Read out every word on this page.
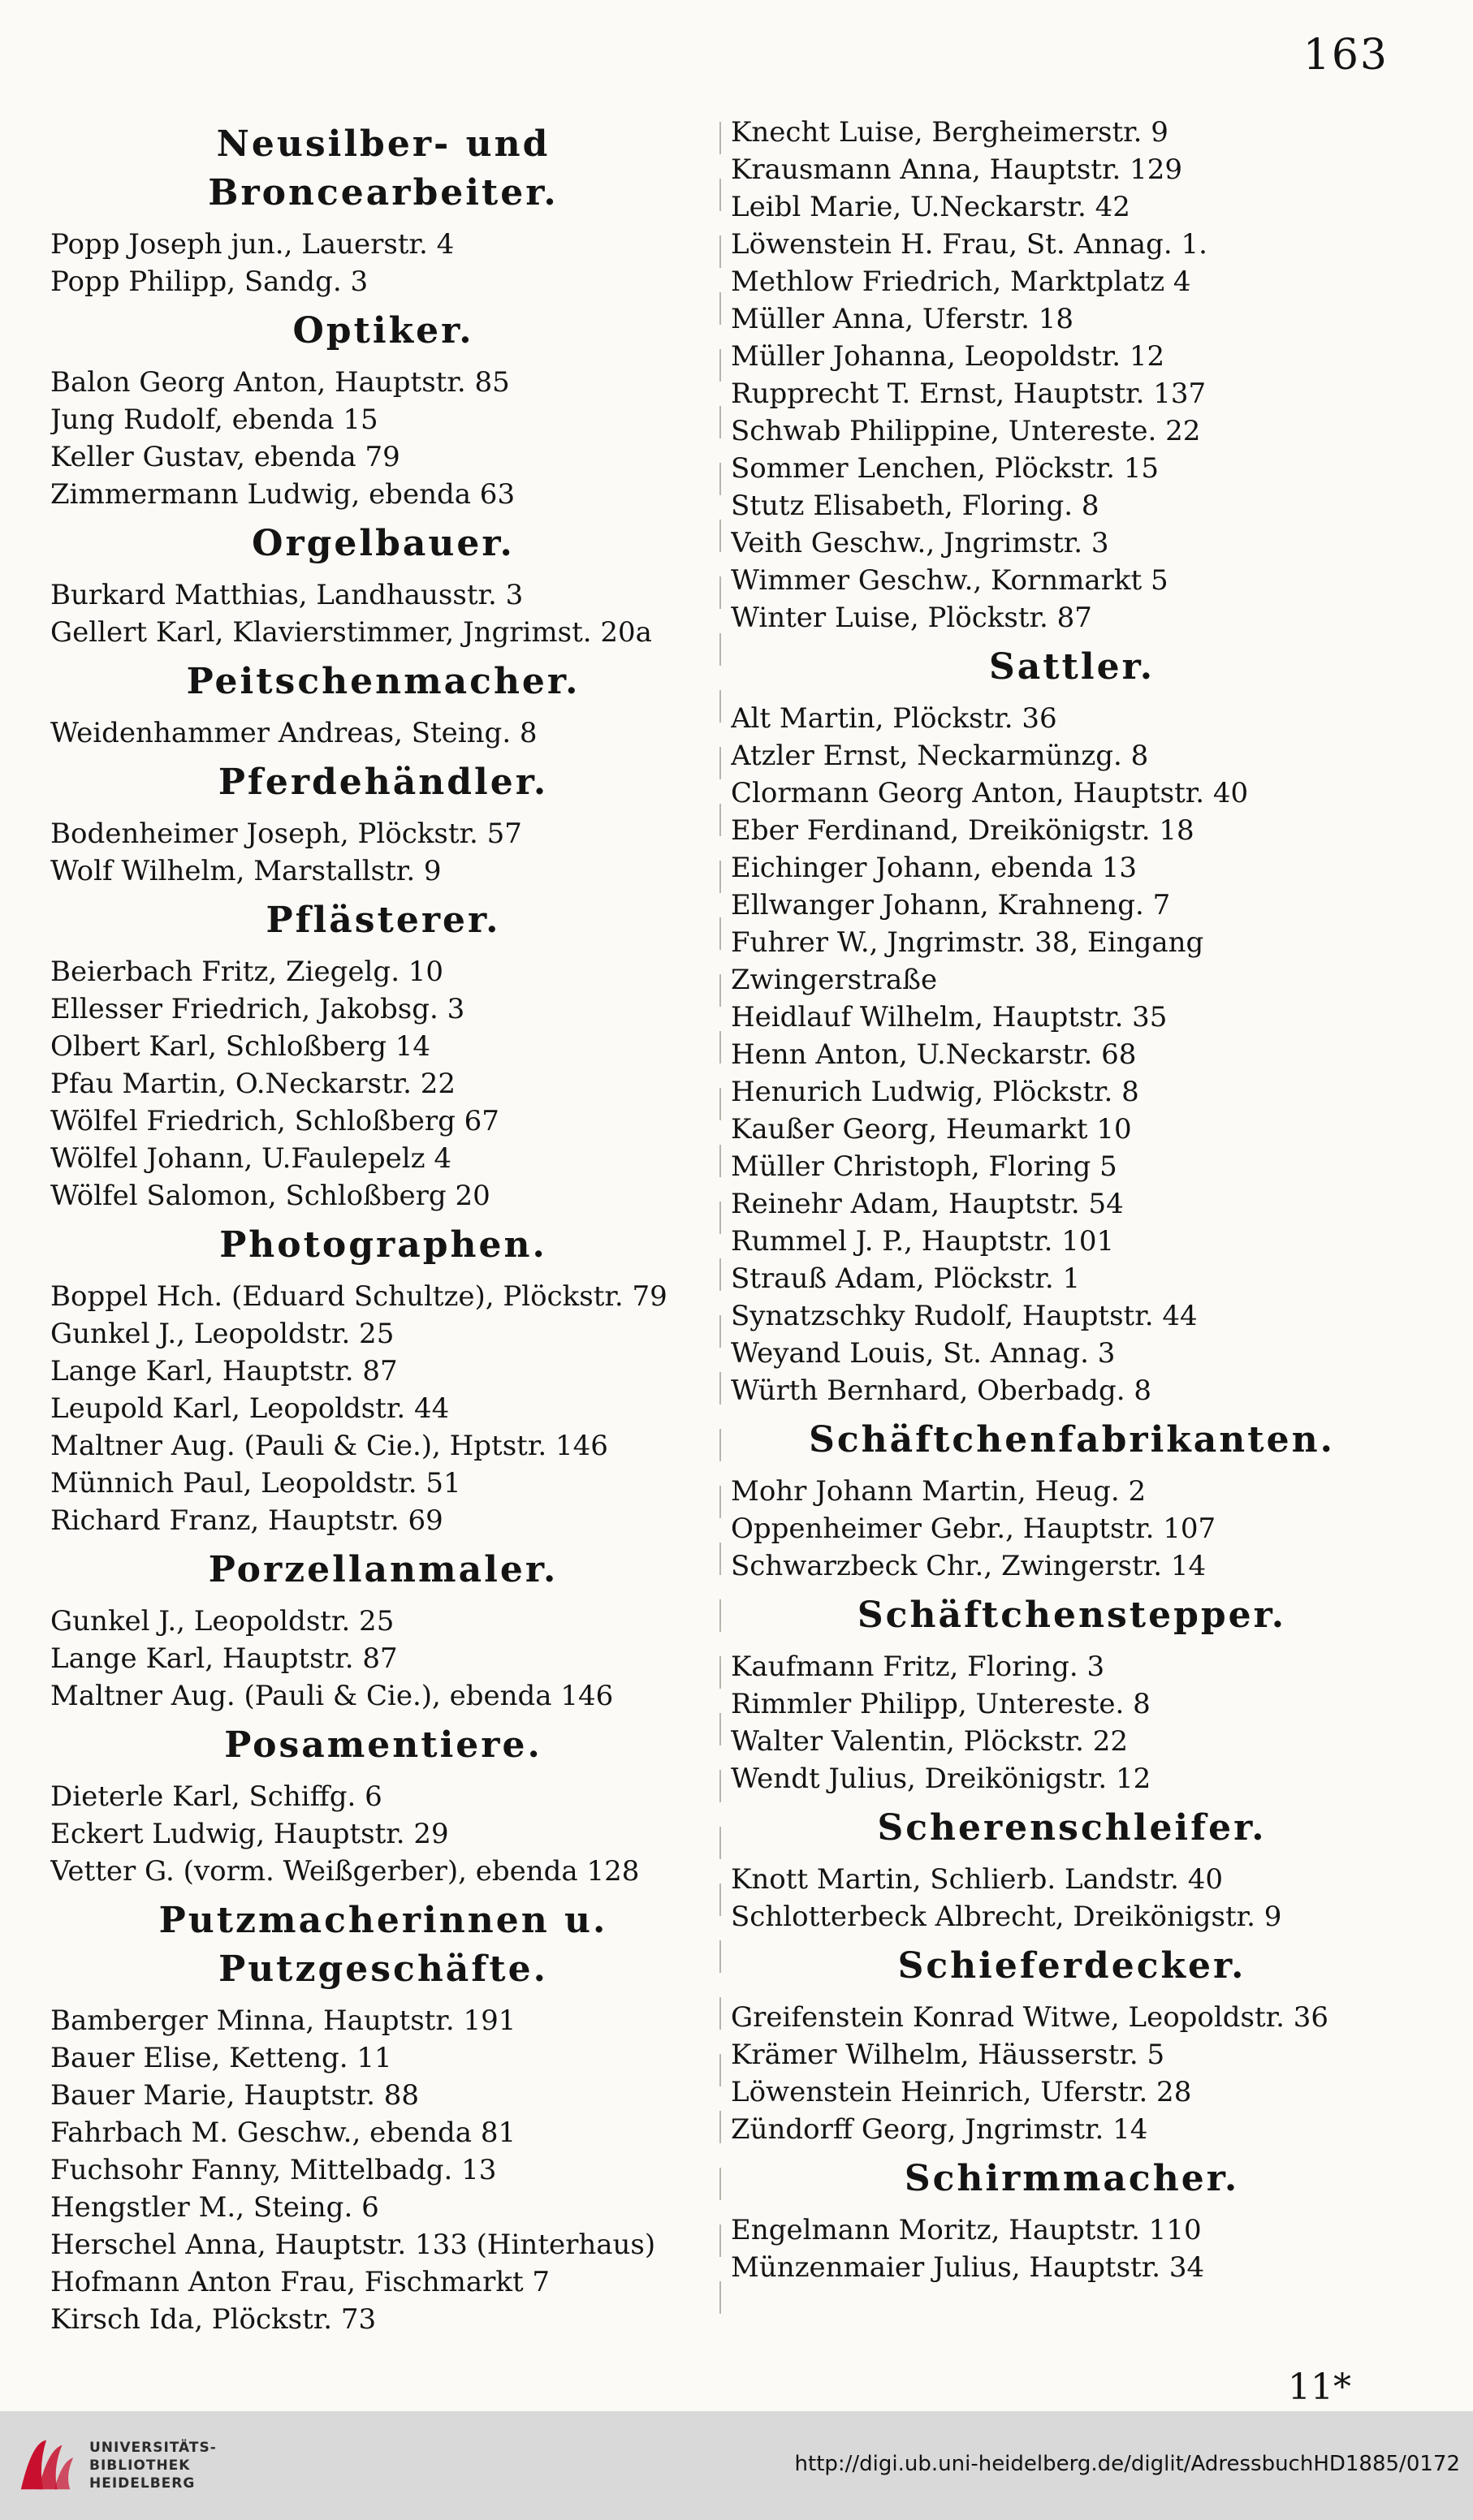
163
Neusilber- und Broncearbeiter.
Popp Joseph jun., Lauerstr. 4
Popp Philipp, Sandg. 3
Optiker.
Balon Georg Anton, Hauptstr. 85
Jung Rudolf, ebenda 15
Keller Gustav, ebenda 79
Zimmermann Ludwig, ebenda 63
Orgelbauer.
Burkard Matthias, Landhausstr. 3
Gellert Karl, Klavierstimmer, Jngrimst. 20a
Peitschenmacher.
Weidenhammer Andreas, Steing. 8
Pferdehändler.
Bodenheimer Joseph, Plöckstr. 57
Wolf Wilhelm, Marstallstr. 9
Pflästerer.
Beierbach Fritz, Ziegelg. 10
Ellesser Friedrich, Jakobsg. 3
Olbert Karl, Schloßberg 14
Pfau Martin, O.Neckarstr. 22
Wölfel Friedrich, Schloßberg 67
Wölfel Johann, U.Faulepelz 4
Wölfel Salomon, Schloßberg 20
Photographen.
Boppel Hch. (Eduard Schultze), Plöckstr. 79
Gunkel J., Leopoldstr. 25
Lange Karl, Hauptstr. 87
Leupold Karl, Leopoldstr. 44
Maltner Aug. (Pauli & Cie.), Hptstr. 146
Münnich Paul, Leopoldstr. 51
Richard Franz, Hauptstr. 69
Porzellanmaler.
Gunkel J., Leopoldstr. 25
Lange Karl, Hauptstr. 87
Maltner Aug. (Pauli & Cie.), ebenda 146
Posamentiere.
Dieterle Karl, Schiffg. 6
Eckert Ludwig, Hauptstr. 29
Vetter G. (vorm. Weißgerber), ebenda 128
Putzmacherinnen u. Putzgeschäfte.
Bamberger Minna, Hauptstr. 191
Bauer Elise, Ketteng. 11
Bauer Marie, Hauptstr. 88
Fahrbach M. Geschw., ebenda 81
Fuchsohr Fanny, Mittelbadg. 13
Hengstler M., Steing. 6
Herschel Anna, Hauptstr. 133 (Hinterhaus)
Hofmann Anton Frau, Fischmarkt 7
Kirsch Ida, Plöckstr. 73
Knecht Luise, Bergheimerstr. 9
Krausmann Anna, Hauptstr. 129
Leibl Marie, U.Neckarstr. 42
Löwenstein H. Frau, St. Annag. 1.
Methlow Friedrich, Marktplatz 4
Müller Anna, Uferstr. 18
Müller Johanna, Leopoldstr. 12
Rupprecht T. Ernst, Hauptstr. 137
Schwab Philippine, Untereste. 22
Sommer Lenchen, Plöckstr. 15
Stutz Elisabeth, Floring. 8
Veith Geschw., Jngrimstr. 3
Wimmer Geschw., Kornmarkt 5
Winter Luise, Plöckstr. 87
Sattler.
Alt Martin, Plöckstr. 36
Atzler Ernst, Neckarmünzg. 8
Clormann Georg Anton, Hauptstr. 40
Eber Ferdinand, Dreikönigstr. 18
Eichinger Johann, ebenda 13
Ellwanger Johann, Krahneng. 7
Fuhrer W., Jngrimstr. 38, Eingang Zwingerstraße
Heidlauf Wilhelm, Hauptstr. 35
Henn Anton, U.Neckarstr. 68
Henurich Ludwig, Plöckstr. 8
Kaußer Georg, Heumarkt 10
Müller Christoph, Floring 5
Reinehr Adam, Hauptstr. 54
Rummel J. P., Hauptstr. 101
Strauß Adam, Plöckstr. 1
Synatzschky Rudolf, Hauptstr. 44
Weyand Louis, St. Annag. 3
Würth Bernhard, Oberbadg. 8
Schäftchenfabrikanten.
Mohr Johann Martin, Heug. 2
Oppenheimer Gebr., Hauptstr. 107
Schwarzbeck Chr., Zwingerstr. 14
Schäftchenstepper.
Kaufmann Fritz, Floring. 3
Rimmler Philipp, Untereste. 8
Walter Valentin, Plöckstr. 22
Wendt Julius, Dreikönigstr. 12
Scherenschleifer.
Knott Martin, Schlierb. Landstr. 40
Schlotterbeck Albrecht, Dreikönigstr. 9
Schieferdecker.
Greifenstein Konrad Witwe, Leopoldstr. 36
Krämer Wilhelm, Häusserstr. 5
Löwenstein Heinrich, Uferstr. 28
Zündorff Georg, Jngrimstr. 14
Schirmmacher.
Engelmann Moritz, Hauptstr. 110
Münzenmaier Julius, Hauptstr. 34
11*
UNIVERSITÄTS-
BIBLIOTHEK
HEIDELBERG
http://digi.ub.uni-heidelberg.de/diglit/AdressbuchHD1885/0172
